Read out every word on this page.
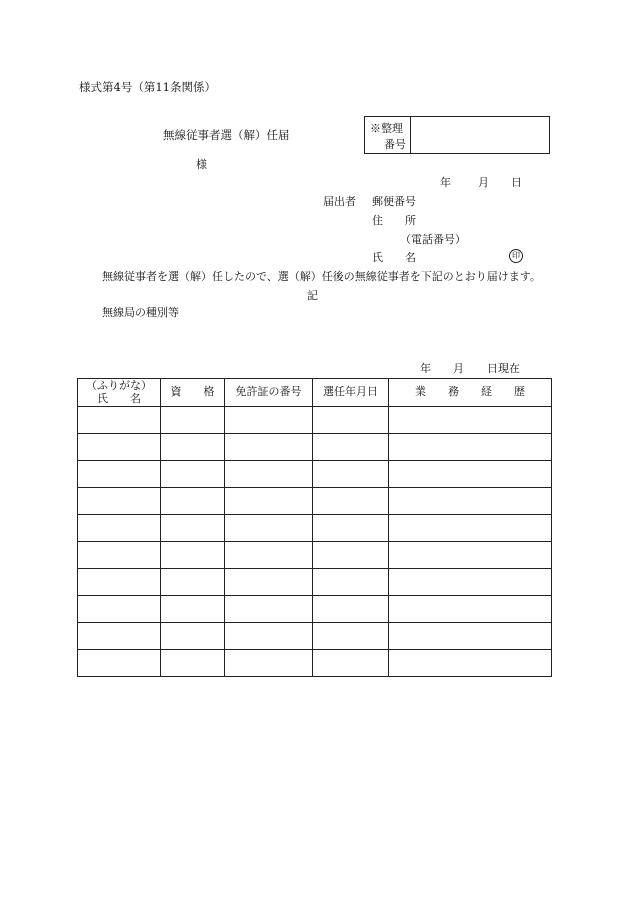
様式第4号（第11条関係）
無線従事者選（解）任届	※整理
番号
様
年 月 日
届出者 郵便番号
住 所
（電話番号）
氏 名	印
無線従事者を選（解）任したので、選（解）任後の無線従事者を下記のとおり届けます。
記
無線局の種別等
年 月 日現在
（ふりがな）
氏　　名	資　　格	免許証の番号	選任年月日	業　　務　　経　　歴
